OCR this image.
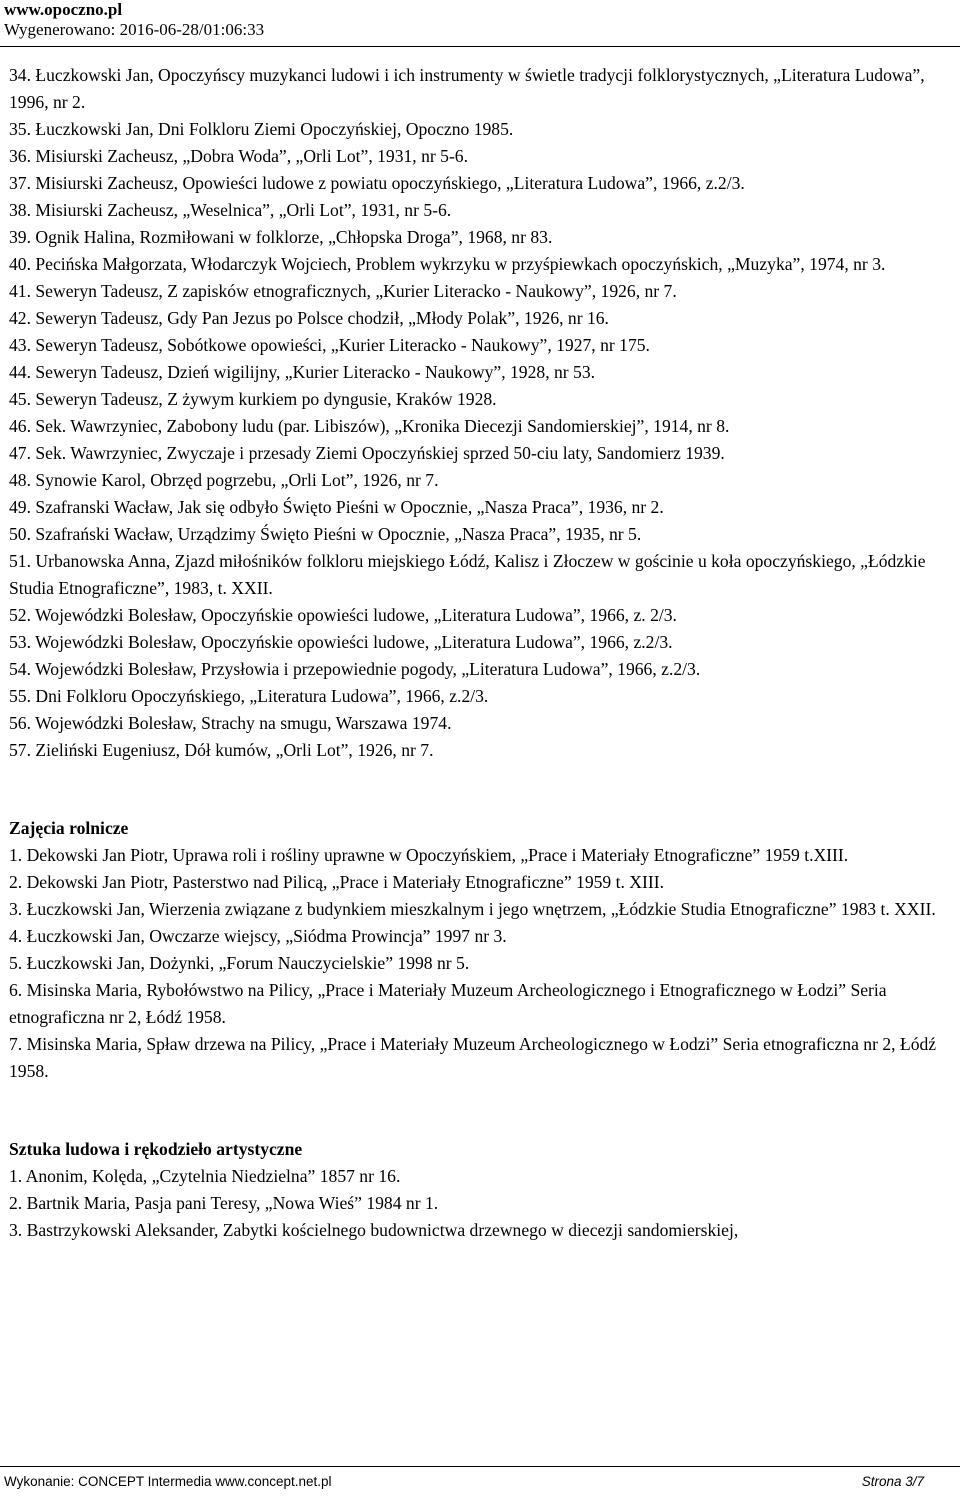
www.opoczno.pl
Wygenerowano: 2016-06-28/01:06:33

34. Łuczkowski Jan, Opoczyńscy muzykanci ludowi i ich instrumenty w świetle tradycji folklorystycznych, „Literatura Ludowa”, 1996, nr 2.

35. Łuczkowski Jan, Dni Folkloru Ziemi Opoczyńskiej, Opoczno 1985.

36. Misiurski Zacheusz, „Dobra Woda”, „Orli Lot”, 1931, nr 5-6.

37. Misiurski Zacheusz, Opowieści ludowe z powiatu opoczyńskiego, „Literatura Ludowa”, 1966, z.2/3.

38. Misiurski Zacheusz, „Weselnica”, „Orli Lot”, 1931, nr 5-6.

39. Ognik Halina, Rozmiłowani w folklorze, „Chłopska Droga”, 1968, nr 83.

40. Pecińska Małgorzata, Włodarczyk Wojciech, Problem wykrzyku w przyśpiewkach opoczyńskich, „Muzyka”, 1974, nr 3.

41. Seweryn Tadeusz, Z zapisków etnograficznych, „Kurier Literacko - Naukowy”, 1926, nr 7.

42. Seweryn Tadeusz, Gdy Pan Jezus po Polsce chodził, „Młody Polak”, 1926, nr 16.

43. Seweryn Tadeusz, Sobótkowe opowieści, „Kurier Literacko - Naukowy”, 1927, nr 175.

44. Seweryn Tadeusz, Dzień wigilijny, „Kurier Literacko - Naukowy”, 1928, nr 53.

45. Seweryn Tadeusz, Z żywym kurkiem po dyngusie, Kraków 1928.

46. Sek. Wawrzyniec, Zabobony ludu (par. Libiszów), „Kronika Diecezji Sandomierskiej”, 1914, nr 8.

47. Sek. Wawrzyniec, Zwyczaje i przesady Ziemi Opoczyńskiej sprzed 50-ciu laty, Sandomierz 1939.

48. Synowie Karol, Obrzęd pogrzebu, „Orli Lot”, 1926, nr 7.

49. Szafranski Wacław, Jak się odbyło Święto Pieśni w Opocznie, „Nasza Praca”, 1936, nr 2.

50. Szafrański Wacław, Urządzimy Święto Pieśni w Opocznie, „Nasza Praca”, 1935, nr 5.

51. Urbanowska Anna, Zjazd miłośników folkloru miejskiego Łódź, Kalisz i Złoczew w gościnie u koła opoczyńskiego, „Łódzkie Studia Etnograficzne”, 1983, t. XXII.

52. Wojewódzki Bolesław, Opoczyńskie opowieści ludowe, „Literatura Ludowa”, 1966, z. 2/3.

53. Wojewódzki Bolesław, Opoczyńskie opowieści ludowe, „Literatura Ludowa”, 1966, z.2/3.

54. Wojewódzki Bolesław, Przysłowia i przepowiednie pogody, „Literatura Ludowa”, 1966, z.2/3.

55. Dni Folkloru Opoczyńskiego, „Literatura Ludowa”, 1966, z.2/3.

56. Wojewódzki Bolesław, Strachy na smugu, Warszawa 1974.

57. Zieliński Eugeniusz, Dół kumów, „Orli Lot”, 1926, nr 7.

Zajęcia rolnicze

1. Dekowski Jan Piotr, Uprawa roli i rośliny uprawne w Opoczyńskiem, „Prace i Materiały Etnograficzne” 1959 t.XIII.

2. Dekowski Jan Piotr, Pasterstwo nad Pilicą, „Prace i Materiały Etnograficzne” 1959 t. XIII.

3. Łuczkowski Jan, Wierzenia związane z budynkiem mieszkalnym i jego wnętrzem, „Łódzkie Studia Etnograficzne” 1983 t. XXII.

4. Łuczkowski Jan, Owczarze wiejscy, „Siódma Prowincja” 1997 nr 3.

5. Łuczkowski Jan, Dożynki, „Forum Nauczycielskie” 1998 nr 5.

6. Misinska Maria, Rybołówstwo na Pilicy, „Prace i Materiały Muzeum Archeologicznego i Etnograficznego w Łodzi” Seria etnograficzna nr 2, Łódź 1958.

7. Misinska Maria, Spław drzewa na Pilicy, „Prace i Materiały Muzeum Archeologicznego w Łodzi” Seria etnograficzna nr 2, Łódź 1958.

Sztuka ludowa i rękodzieło artystyczne

1. Anonim, Kolęda, „Czytelnia Niedzielna” 1857 nr 16.

2. Bartnik Maria, Pasja pani Teresy, „Nowa Wieś” 1984 nr 1.

3. Bastrzykowski Aleksander, Zabytki kościelnego budownictwa drzewnego w diecezji sandomierskiej,

Wykonanie: CONCEPT Intermedia www.concept.net.pl	Strona 3/7
